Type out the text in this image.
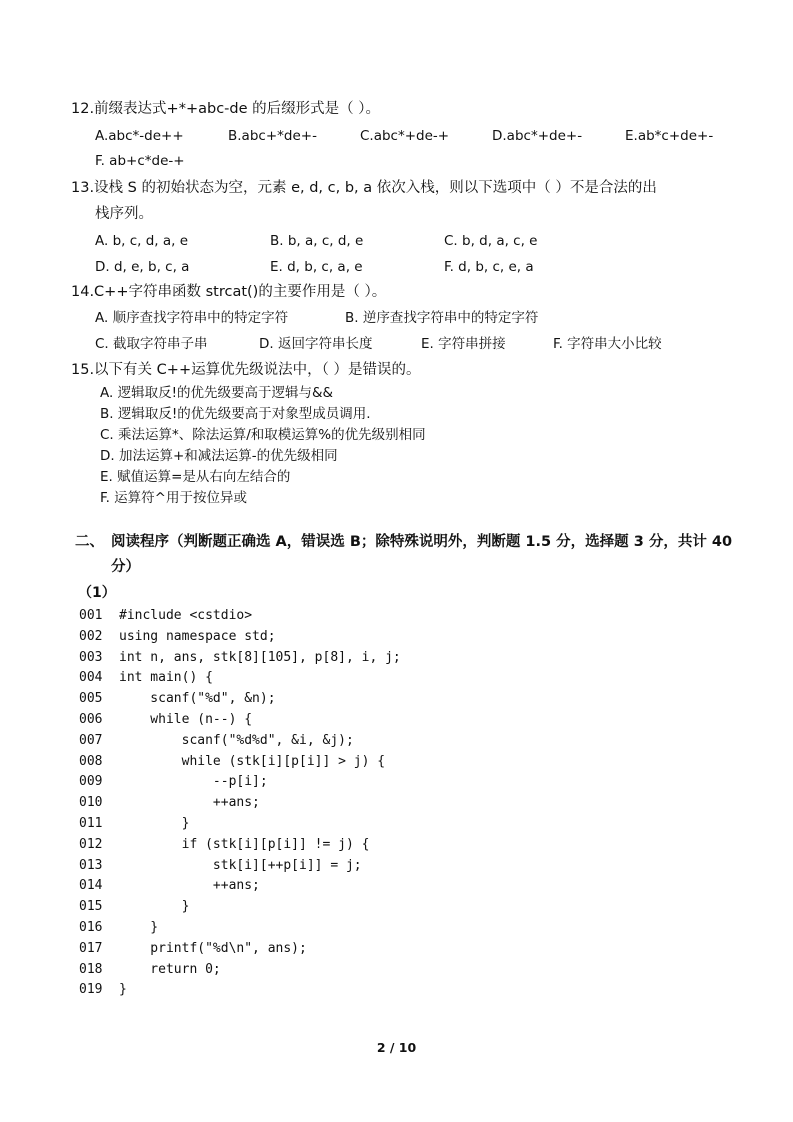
12.前缀表达式+*+abc-de 的后缀形式是（ ）。
A.abc*-de++	B.abc+*de+-	C.abc*+de-+	D.abc*+de+-	E.ab*c+de+-
F. ab+c*de-+
13.设栈 S 的初始状态为空，元素 e, d, c, b, a 依次入栈，则以下选项中（ ）不是合法的出
栈序列。
A. b, c, d, a, e	B. b, a, c, d, e	C. b, d, a, c, e
D. d, e, b, c, a	E. d, b, c, a, e	F. d, b, c, e, a
14.C++字符串函数 strcat()的主要作用是（ ）。
A. 顺序查找字符串中的特定字符	B. 逆序查找字符串中的特定字符
C. 截取字符串子串	D. 返回字符串长度	E. 字符串拼接	F. 字符串大小比较
15.以下有关 C++运算优先级说法中，（ ）是错误的。
A. 逻辑取反!的优先级要高于逻辑与&&
B. 逻辑取反!的优先级要高于对象型成员调用.
C. 乘法运算*、除法运算/和取模运算%的优先级别相同
D. 加法运算+和减法运算-的优先级相同
E. 赋值运算=是从右向左结合的
F. 运算符^用于按位异或
二、 阅读程序（判断题正确选 A，错误选 B；除特殊说明外，判断题 1.5 分，选择题 3 分，共计 40
分）
（1）
001 #include <cstdio>
002 using namespace std;
003 int n, ans, stk[8][105], p[8], i, j;
004 int main() {
005    scanf("%d", &n);
006    while (n--) {
007        scanf("%d%d", &i, &j);
008        while (stk[i][p[i]] > j) {
009            --p[i];
010            ++ans;
011        }
012        if (stk[i][p[i]] != j) {
013            stk[i][++p[i]] = j;
014            ++ans;
015        }
016    }
017    printf("%d\n", ans);
018    return 0;
019 }
2 / 10
